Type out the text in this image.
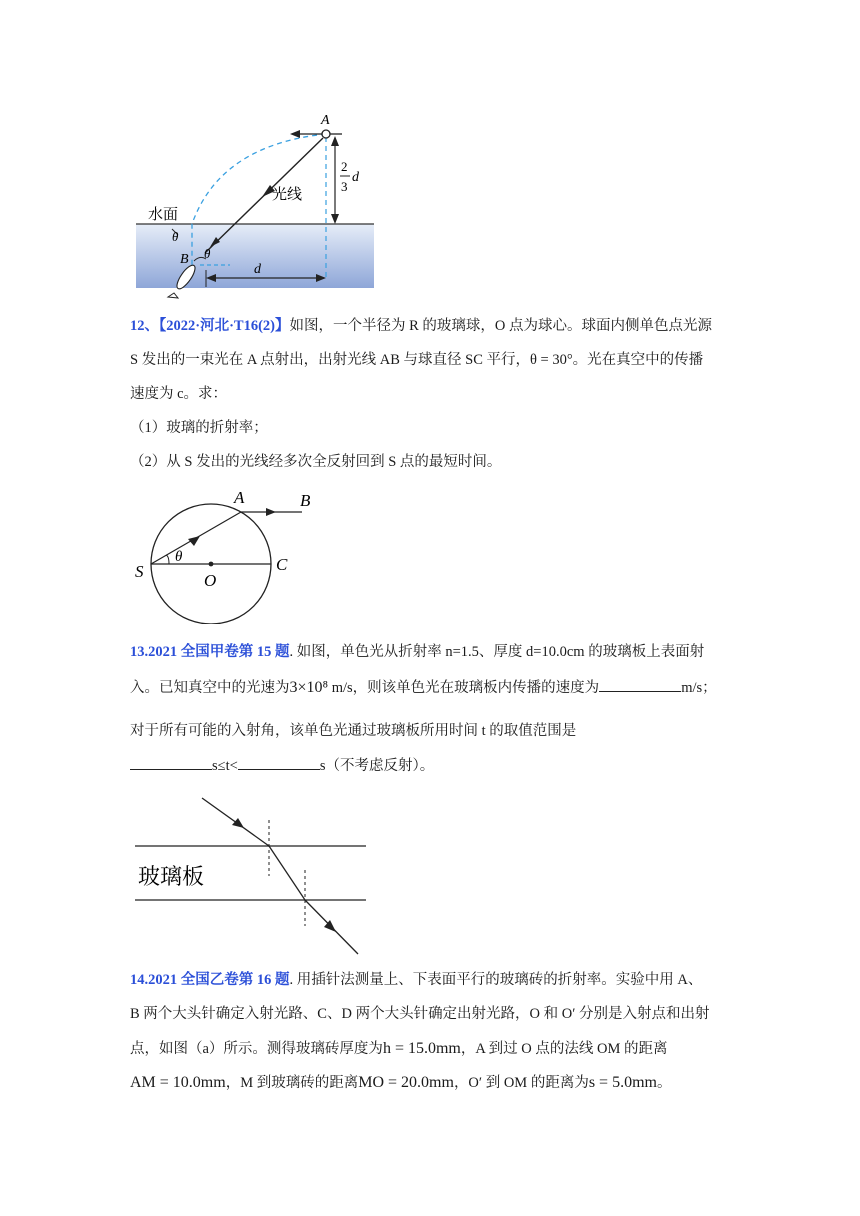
A
B
θ
θ
d
2
3
d
光线
水面
12、【2022·河北·T16(2)】如图，一个半径为 R 的玻璃球，O 点为球心。球面内侧单色点光源
S 发出的一束光在 A 点射出，出射光线 AB 与球直径 SC 平行，θ = 30°。光在真空中的传播
速度为 c。求：
（1）玻璃的折射率；
（2）从 S 发出的光线经多次全反射回到 S 点的最短时间。
A	B
S	C
O
θ
13.2021 全国甲卷第 15 题. 如图，单色光从折射率 n=1.5、厚度 d=10.0cm 的玻璃板上表面射
入。已知真空中的光速为3×10⁸ m/s，则该单色光在玻璃板内传播的速度为	m/s；
对于所有可能的入射角，该单色光通过玻璃板所用时间 t 的取值范围是
s≤t<	s（不考虑反射）。
玻璃板
14.2021 全国乙卷第 16 题. 用插针法测量上、下表面平行的玻璃砖的折射率。实验中用 A、
B 两个大头针确定入射光路、C、D 两个大头针确定出射光路，O 和 O′ 分别是入射点和出射
点，如图（a）所示。测得玻璃砖厚度为h = 15.0mm，A 到过 O 点的法线 OM 的距离
AM = 10.0mm，M 到玻璃砖的距离MO = 20.0mm，O′ 到 OM 的距离为s = 5.0mm。
